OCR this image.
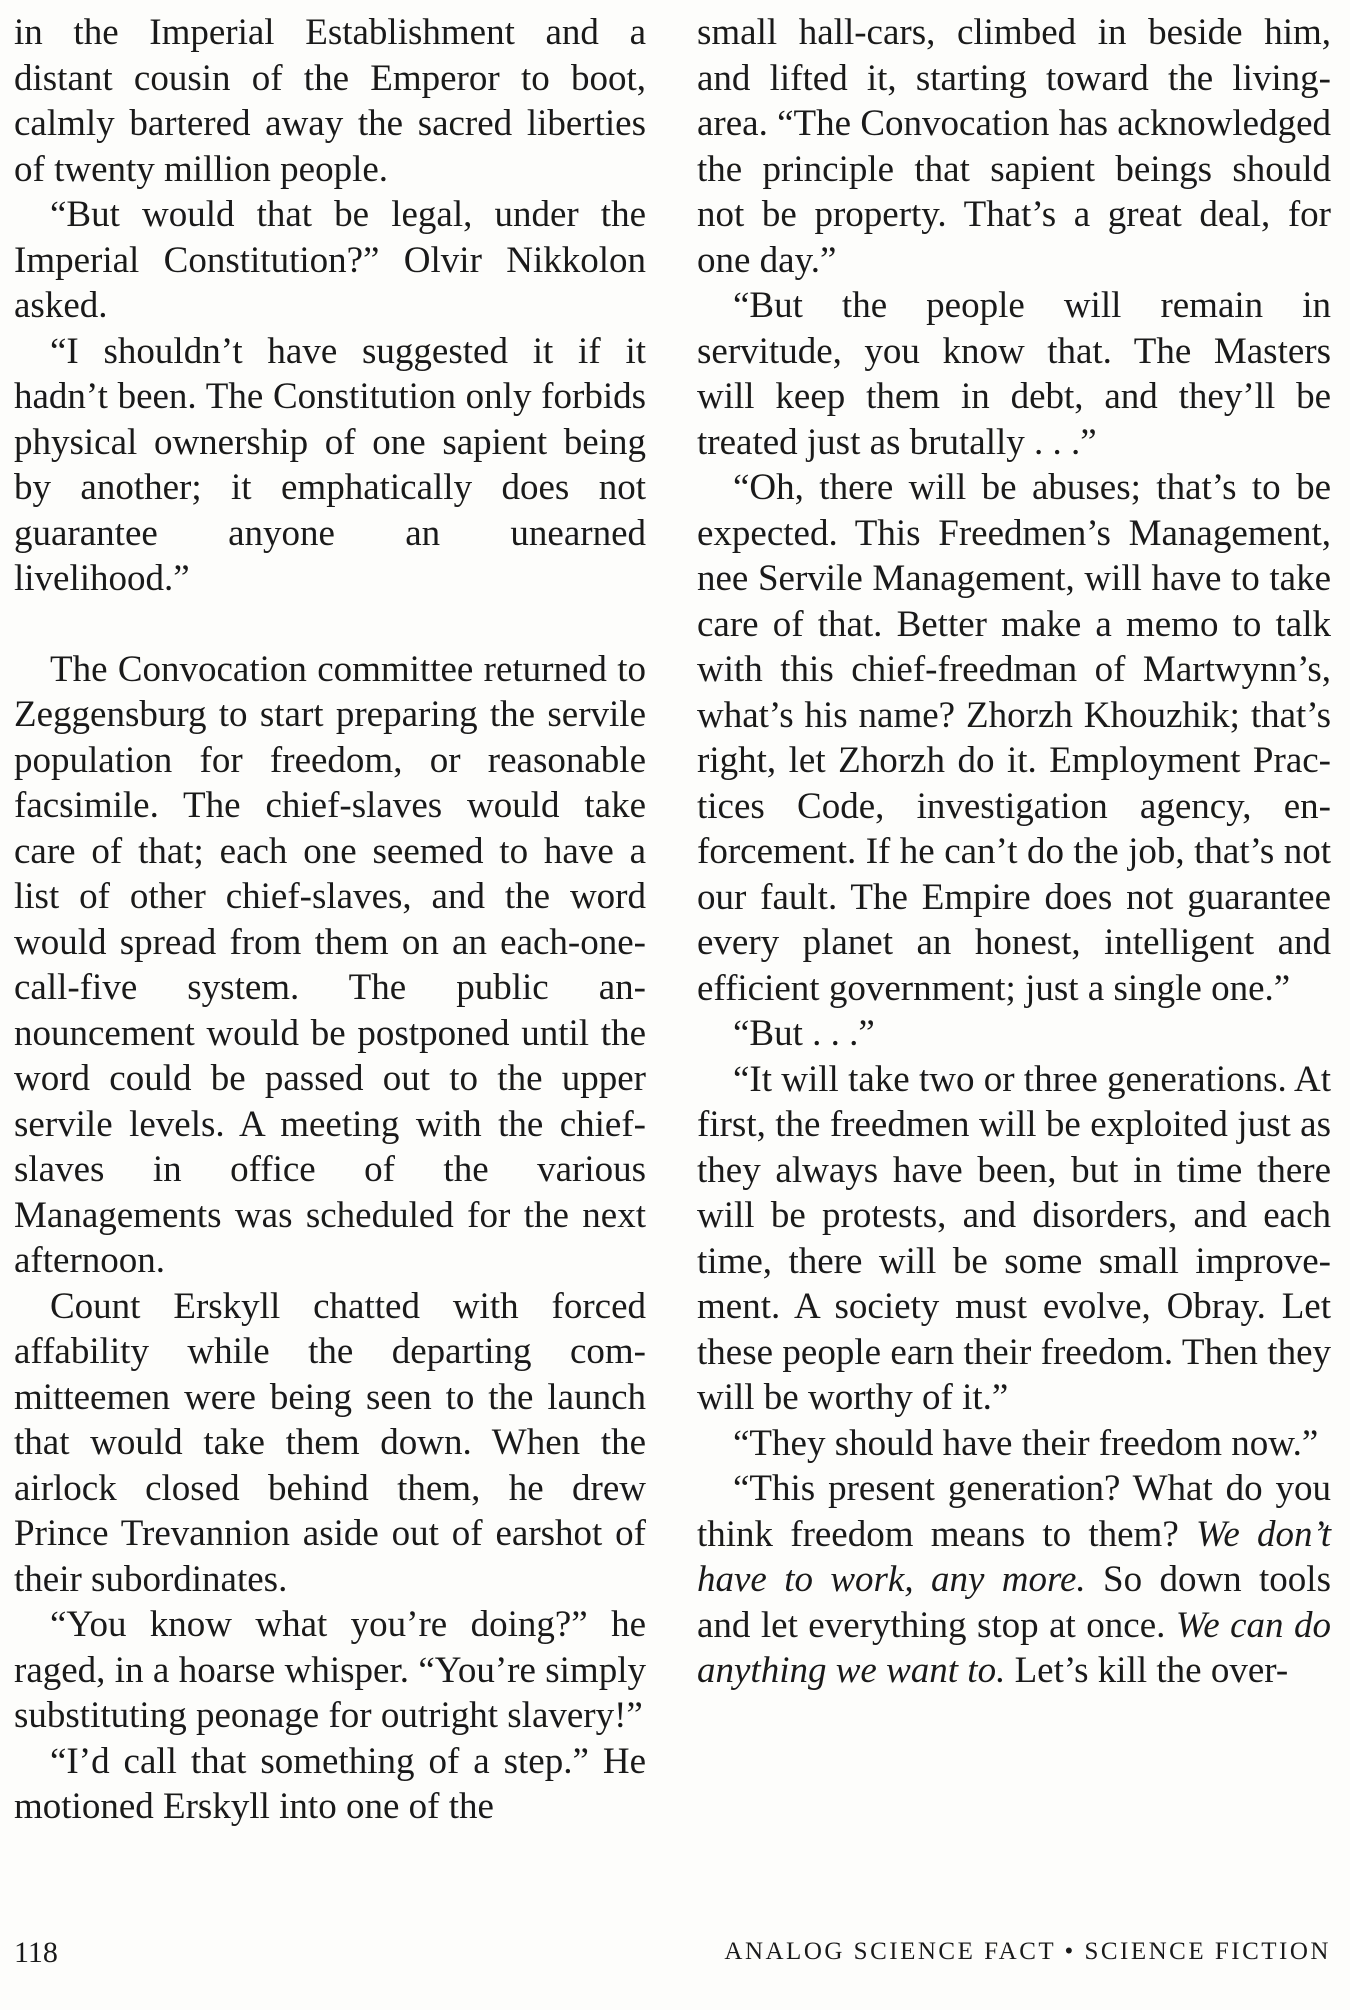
in the Imperial Establishment and a distant cousin of the Emperor to boot, calmly bartered away the sacred liberties of twenty million people.

“But would that be legal, under the Imperial Constitution?” Olvir Nikkolon asked.

“I shouldn’t have suggested it if it hadn’t been. The Constitution only forbids physical ownership of one sapient being by another; it emphatically does not guarantee anyone an unearned livelihood.”

The Convocation committee returned to Zeggensburg to start preparing the servile population for freedom, or reasonable facsimile. The chief-slaves would take care of that; each one seemed to have a list of other chief-slaves, and the word would spread from them on an each-one-call-five system. The public announcement would be postponed until the word could be passed out to the upper servile levels. A meeting with the chief-slaves in office of the various Managements was scheduled for the next afternoon.

Count Erskyll chatted with forced affability while the departing committeemen were being seen to the launch that would take them down. When the airlock closed behind them, he drew Prince Trevannion aside out of earshot of their subordinates.

“You know what you’re doing?” he raged, in a hoarse whisper. “You’re simply substituting peonage for outright slavery!”

“I’d call that something of a step.” He motioned Erskyll into one of the

small hall-cars, climbed in beside him, and lifted it, starting toward the living-area. “The Convocation has acknowledged the principle that sapient beings should not be property. That’s a great deal, for one day.”

“But the people will remain in servitude, you know that. The Masters will keep them in debt, and they’ll be treated just as brutally . . .”

“Oh, there will be abuses; that’s to be expected. This Freedmen’s Management, nee Servile Management, will have to take care of that. Better make a memo to talk with this chief-freedman of Martwynn’s, what’s his name? Zhorzh Khouzhik; that’s right, let Zhorzh do it. Employment Practices Code, investigation agency, enforcement. If he can’t do the job, that’s not our fault. The Empire does not guarantee every planet an honest, intelligent and efficient government; just a single one.”

“But . . .”

“It will take two or three generations. At first, the freedmen will be exploited just as they always have been, but in time there will be protests, and disorders, and each time, there will be some small improvement. A society must evolve, Obray. Let these people earn their freedom. Then they will be worthy of it.”

“They should have their freedom now.”

“This present generation? What do you think freedom means to them? We don’t have to work, any more. So down tools and let everything stop at once. We can do anything we want to. Let’s kill the over-

118	ANALOG SCIENCE FACT • SCIENCE FICTION
